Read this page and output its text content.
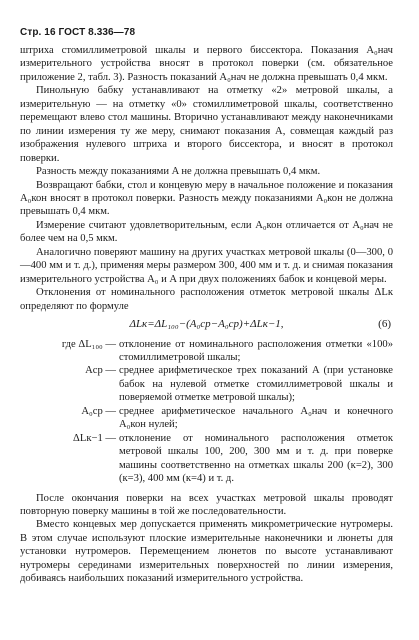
Стр. 16 ГОСТ 8.336—78

штриха стомиллиметровой шкалы и первого биссектора. Показания A₀нач измерительного устройства вносят в протокол поверки (см. обязательное приложение 2, табл. 3). Разность показаний A₀нач не должна превышать 0,4 мкм.

Пинольную бабку устанавливают на отметку «2» метровой шкалы, а измерительную — на отметку «0» стомиллиметровой шкалы, соответственно перемещают влево стол машины. Вторично устанавливают между наконечниками по линии измерения ту же меру, снимают показания A, совмещая каждый раз изображения нулевого штриха и второго биссектора, и вносят в протокол поверки.

Разность между показаниями A не должна превышать 0,4 мкм.

Возвращают бабки, стол и концевую меру в начальное положение и показания A₀кон вносят в протокол поверки. Разность между показаниями A₀кон не должна превышать 0,4 мкм.

Измерение считают удовлетворительным, если A₀кон отличается от A₀нач не более чем на 0,5 мкм.

Аналогично поверяют машину на других участках метровой шкалы (0—300, 0—400 мм и т. д.), применяя меры размером 300, 400 мм и т. д. и снимая показания измерительного устройства A₀ и A при двух положениях бабок и концевой меры.

Отклонения от номинального расположения отметок метровой шкалы ΔLк определяют по формуле

ΔLк=ΔL₁₀₀−(A₀ср−A₀ср)+ΔLк−1,	(6)
где ΔL₁₀₀ — отклонение от номинального расположения отметки «100» стомиллиметровой шкалы;
Aср — среднее арифметическое трех показаний A (при установке бабок на нулевой отметке стомиллиметровой шкалы и поверяемой отметке метровой шкалы);
A₀ср — среднее арифметическое начального A₀нач и конечного A₀кон нулей;
ΔLк−1 — отклонение от номинального расположения отметок метровой шкалы 100, 200, 300 мм и т. д. при поверке машины соответственно на отметках шкалы 200 (к=2), 300 (к=3), 400 мм (к=4) и т. д.

После окончания поверки на всех участках метровой шкалы проводят повторную поверку машины в той же последовательности.

Вместо концевых мер допускается применять микрометрические нутромеры. В этом случае используют плоские измерительные наконечники и люнеты для установки нутромеров. Перемещением люнетов по высоте устанавливают нутромеры серединами измерительных поверхностей по линии измерения, добиваясь наибольших показаний измерительного устройства.
